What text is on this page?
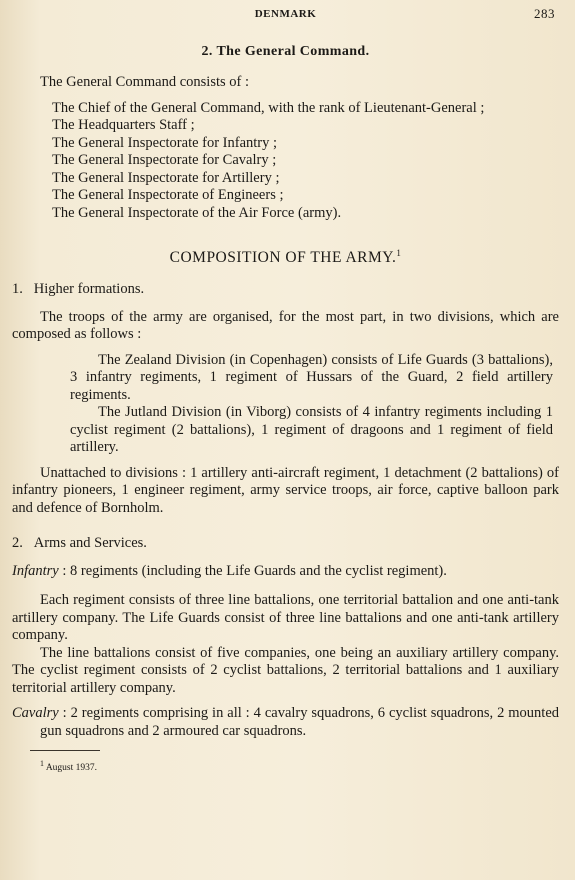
DENMARK	283
2. The General Command.

The General Command consists of :

The Chief of the General Command, with the rank of Lieutenant-General ;

The Headquarters Staff ;

The General Inspectorate for Infantry ;

The General Inspectorate for Cavalry ;

The General Inspectorate for Artillery ;

The General Inspectorate of Engineers ;

The General Inspectorate of the Air Force (army).

COMPOSITION OF THE ARMY.$^1$

1. Higher formations.

The troops of the army are organised, for the most part, in two divisions, which are composed as follows :

The Zealand Division (in Copenhagen) consists of Life Guards (3 battalions), 3 infantry regiments, 1 regiment of Hussars of the Guard, 2 field artillery regiments.

The Jutland Division (in Viborg) consists of 4 infantry regiments including 1 cyclist regiment (2 battalions), 1 regiment of dragoons and 1 regiment of field artillery.

Unattached to divisions : 1 artillery anti-aircraft regiment, 1 detachment (2 battalions) of infantry pioneers, 1 engineer regiment, army service troops, air force, captive balloon park and defence of Bornholm.

2. Arms and Services.

Infantry : 8 regiments (including the Life Guards and the cyclist regiment).

Each regiment consists of three line battalions, one territorial battalion and one anti-tank artillery company. The Life Guards consist of three line battalions and one anti-tank artillery company.

The line battalions consist of five companies, one being an auxiliary artillery company. The cyclist regiment consists of 2 cyclist battalions, 2 territorial battalions and 1 auxiliary territorial artillery company.

Cavalry : 2 regiments comprising in all : 4 cavalry squadrons, 6 cyclist squadrons, 2 mounted gun squadrons and 2 armoured car squadrons.

$^1$ August 1937.
